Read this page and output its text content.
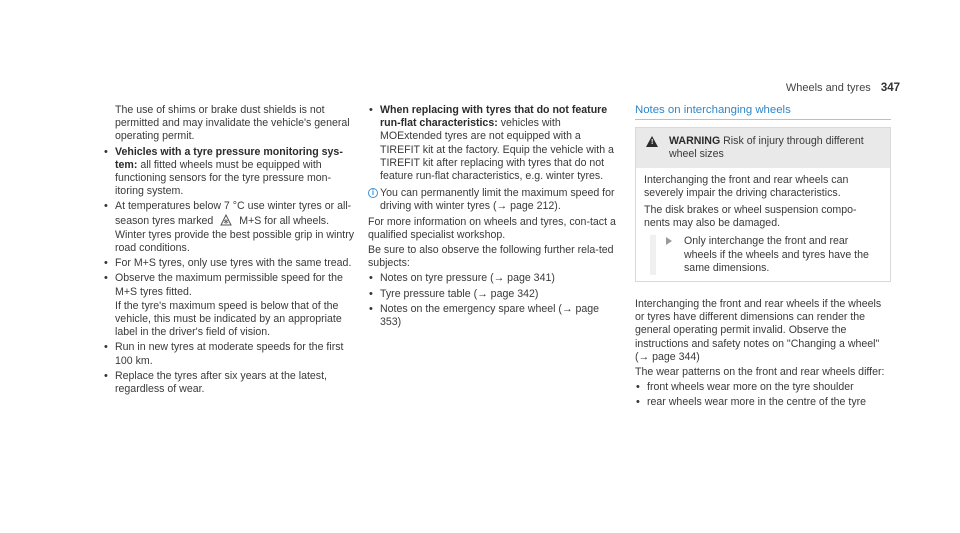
Wheels and tyres 347

The use of shims or brake dust shields is not permitted and may invalidate the vehicle's general operating permit.

• Vehicles with a tyre pressure monitoring sys-tem: all fitted wheels must be equipped with functioning sensors for the tyre pressure mon-itoring system.
• At temperatures below 7 °C use winter tyres or all-season tyres marked M+S for all wheels.

Winter tyres provide the best possible grip in wintry road conditions.

• For M+S tyres, only use tyres with the same tread.
• Observe the maximum permissible speed for the M+S tyres fitted.

If the tyre's maximum speed is below that of the vehicle, this must be indicated by an appropriate label in the driver's field of vision.

• Run in new tyres at moderate speeds for the first 100 km.
• Replace the tyres after six years at the latest, regardless of wear.
• When replacing with tyres that do not feature run-flat characteristics: vehicles with MOExtended tyres are not equipped with a TIREFIT kit at the factory. Equip the vehicle with a TIREFIT kit after replacing with tyres that do not feature run-flat characteristics, e.g. winter tyres.
i You can permanently limit the maximum speed for driving with winter tyres (→ page 212).

For more information on wheels and tyres, con-tact a qualified specialist workshop.

Be sure to also observe the following further rela-ted subjects:

• Notes on tyre pressure (→ page 341)
• Tyre pressure table (→ page 342)
• Notes on the emergency spare wheel (→ page 353)
Notes on interchanging wheels
! WARNING Risk of injury through different wheel sizes

Interchanging the front and rear wheels can severely impair the driving characteristics.

The disk brakes or wheel suspension compo-nents may also be damaged.

Only interchange the front and rear wheels if the wheels and tyres have the same dimensions.

Interchanging the front and rear wheels if the wheels or tyres have different dimensions can render the general operating permit invalid. Observe the instructions and safety notes on "Changing a wheel" (→ page 344)

The wear patterns on the front and rear wheels differ:

• front wheels wear more on the tyre shoulder
• rear wheels wear more in the centre of the tyre
